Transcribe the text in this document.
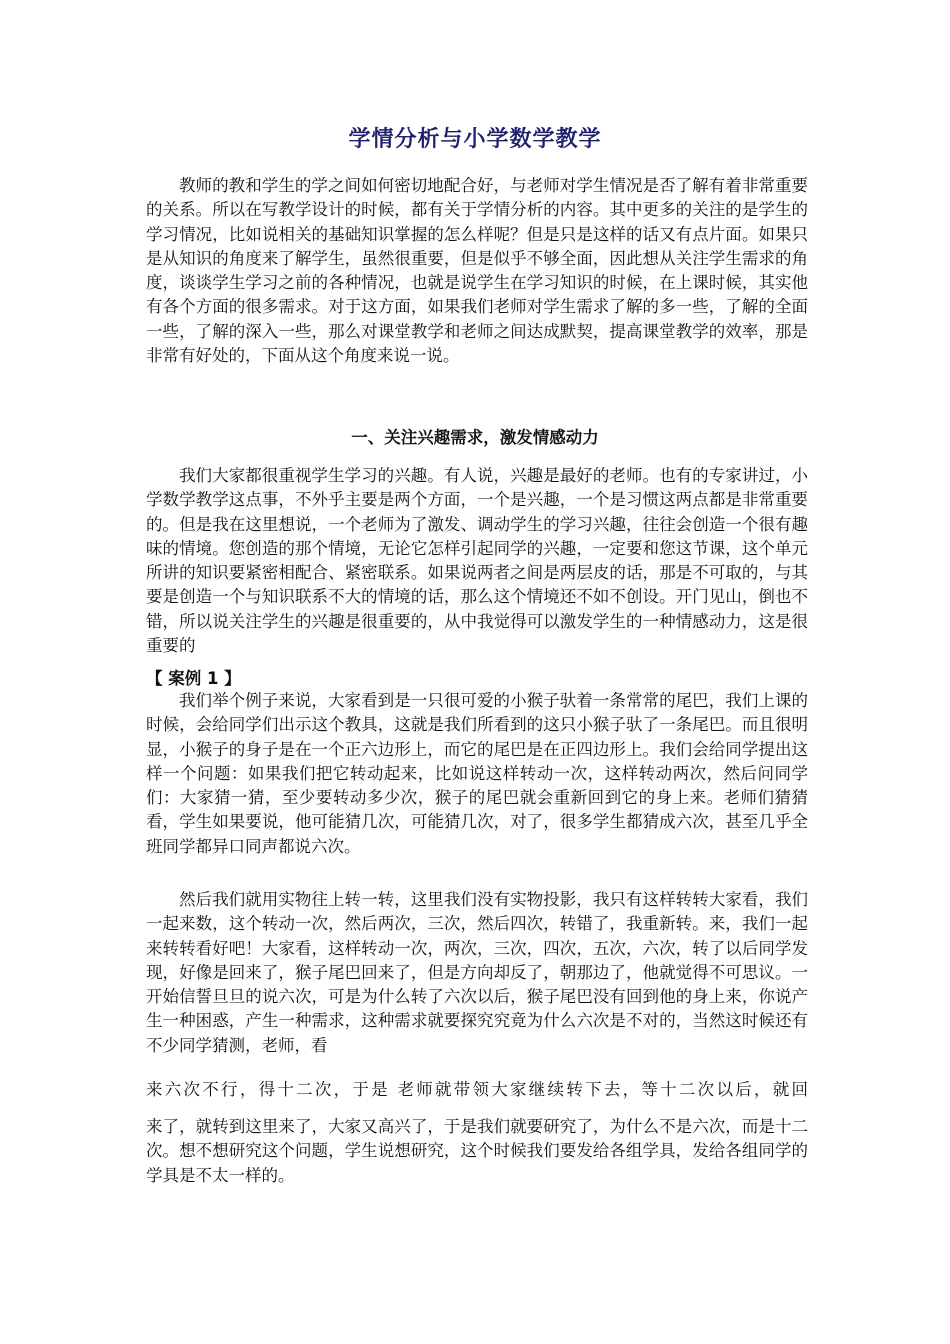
学情分析与小学数学教学
教师的教和学生的学之间如何密切地配合好，与老师对学生情况是否了解有着非常重要的关系。所以在写教学设计的时候，都有关于学情分析的内容。其中更多的关注的是学生的学习情况，比如说相关的基础知识掌握的怎么样呢？但是只是这样的话又有点片面。如果只是从知识的角度来了解学生，虽然很重要，但是似乎不够全面，因此想从关注学生需求的角度，谈谈学生学习之前的各种情况，也就是说学生在学习知识的时候，在上课时候，其实他有各个方面的很多需求。对于这方面，如果我们老师对学生需求了解的多一些，了解的全面一些，了解的深入一些，那么对课堂教学和老师之间达成默契，提高课堂教学的效率，那是非常有好处的，下面从这个角度来说一说。
一、关注兴趣需求，激发情感动力
我们大家都很重视学生学习的兴趣。有人说，兴趣是最好的老师。也有的专家讲过，小学数学教学这点事，不外乎主要是两个方面，一个是兴趣，一个是习惯这两点都是非常重要的。但是我在这里想说，一个老师为了激发、调动学生的学习兴趣，往往会创造一个很有趣味的情境。您创造的那个情境，无论它怎样引起同学的兴趣，一定要和您这节课，这个单元所讲的知识要紧密相配合、紧密联系。如果说两者之间是两层皮的话，那是不可取的，与其要是创造一个与知识联系不大的情境的话，那么这个情境还不如不创设。开门见山，倒也不错，所以说关注学生的兴趣是很重要的，从中我觉得可以激发学生的一种情感动力，这是很重要的
【 案例 1 】
我们举个例子来说，大家看到是一只很可爱的小猴子驮着一条常常的尾巴，我们上课的时候，会给同学们出示这个教具，这就是我们所看到的这只小猴子驮了一条尾巴。而且很明显，小猴子的身子是在一个正六边形上，而它的尾巴是在正四边形上。我们会给同学提出这样一个问题：如果我们把它转动起来，比如说这样转动一次，这样转动两次，然后问同学们：大家猜一猜，至少要转动多少次，猴子的尾巴就会重新回到它的身上来。老师们猜猜看，学生如果要说，他可能猜几次，可能猜几次，对了，很多学生都猜成六次，甚至几乎全班同学都异口同声都说六次。
然后我们就用实物往上转一转，这里我们没有实物投影，我只有这样转转大家看，我们一起来数，这个转动一次，然后两次，三次，然后四次，转错了，我重新转。来，我们一起来转转看好吧！大家看，这样转动一次，两次，三次，四次，五次，六次，转了以后同学发现，好像是回来了，猴子尾巴回来了，但是方向却反了，朝那边了，他就觉得不可思议。一开始信誓旦旦的说六次，可是为什么转了六次以后，猴子尾巴没有回到他的身上来，你说产生一种困惑，产生一种需求，这种需求就要探究究竟为什么六次是不对的，当然这时候还有不少同学猜测，老师，看
来六次不行，得十二次，于是 老师就带领大家继续转下去，等十二次以后，就回
来了，就转到这里来了，大家又高兴了，于是我们就要研究了，为什么不是六次，而是十二次。想不想研究这个问题，学生说想研究，这个时候我们要发给各组学具，发给各组同学的学具是不太一样的。
